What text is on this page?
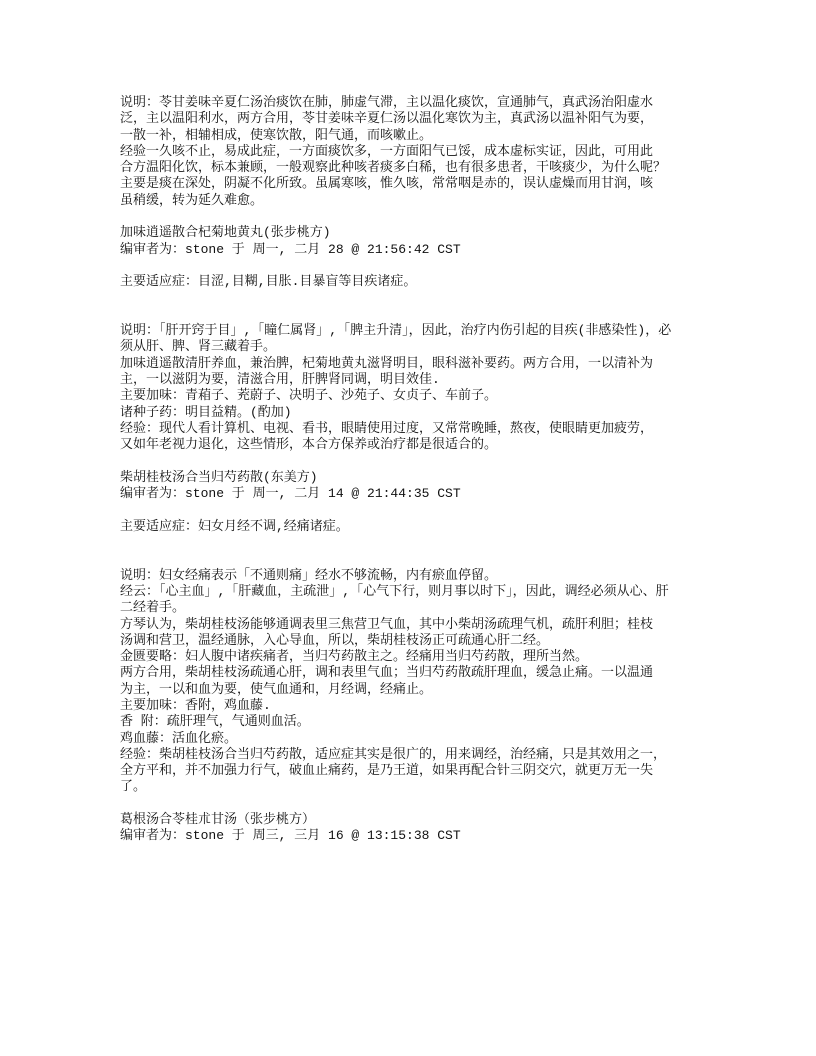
说明：苓甘姜味辛夏仁汤治痰饮在肺，肺虚气滞，主以温化痰饮，宣通肺气，真武汤治阳虚水
泛，主以温阳利水，两方合用，苓甘姜味辛夏仁汤以温化寒饮为主，真武汤以温补阳气为要，
一散一补，相辅相成，使寒饮散，阳气通，而咳嗽止。
经验一久咳不止，易成此症，一方面痰饮多，一方面阳气已馁，成本虚标实证，因此，可用此
合方温阳化饮，标本兼顾，一般观察此种咳者痰多白稀，也有很多患者，干咳痰少，为什么呢？
主要是痰在深处，阴凝不化所致。虽属寒咳，惟久咳，常常咽是赤的，误认虚燥而用甘润，咳
虽稍缓，转为延久难愈。
加味逍遥散合杞菊地黄丸(张步桃方)
编审者为：stone 于 周一, 二月 28 @ 21:56:42 CST
主要适应症：目涩,目糊,目胀.目暴盲等目疾诸症。
说明：「肝开窍于目」,「瞳仁属肾」,「脾主升清」，因此，治疗内伤引起的目疾(非感染性)，必
须从肝、脾、肾三藏着手。
加味逍遥散清肝养血，兼治脾，杞菊地黄丸滋肾明目，眼科滋补要药。两方合用，一以清补为
主，一以滋阴为要，清滋合用，肝脾肾同调，明目效佳.
主要加味：青葙子、茺蔚子、决明子、沙苑子、女贞子、车前子。
诸种子药：明目益精。(酌加)
经验：现代人看计算机、电视、看书，眼睛使用过度，又常常晚睡，熬夜，使眼睛更加疲劳，
又如年老视力退化，这些情形，本合方保养或治疗都是很适合的。
柴胡桂枝汤合当归芍药散(东美方)
编审者为：stone 于 周一, 二月 14 @ 21:44:35 CST
主要适应症：妇女月经不调,经痛诸症。
说明：妇女经痛表示「不通则痛」经水不够流畅，内有瘀血停留。
经云：「心主血」,「肝藏血，主疏泄」,「心气下行，则月事以时下」，因此，调经必须从心、肝
二经着手。
方琴认为，柴胡桂枝汤能够通调表里三焦营卫气血，其中小柴胡汤疏理气机，疏肝利胆；桂枝
汤调和营卫，温经通脉，入心导血，所以，柴胡桂枝汤正可疏通心肝二经。
金匮要略：妇人腹中诸疾痛者，当归芍药散主之。经痛用当归芍药散，理所当然。
两方合用，柴胡桂枝汤疏通心肝，调和表里气血；当归芍药散疏肝理血，缓急止痛。一以温通
为主，一以和血为要，使气血通和，月经调，经痛止。
主要加味：香附，鸡血藤.
香 附：疏肝理气，气通则血活。
鸡血藤：活血化瘀。
经验：柴胡桂枝汤合当归芍药散，适应症其实是很广的，用来调经，治经痛，只是其效用之一，
全方平和，并不加强力行气，破血止痛药，是乃王道，如果再配合针三阴交穴，就更万无一失
了。
葛根汤合苓桂朮甘汤（张步桃方）
编审者为：stone 于 周三, 三月 16 @ 13:15:38 CST
